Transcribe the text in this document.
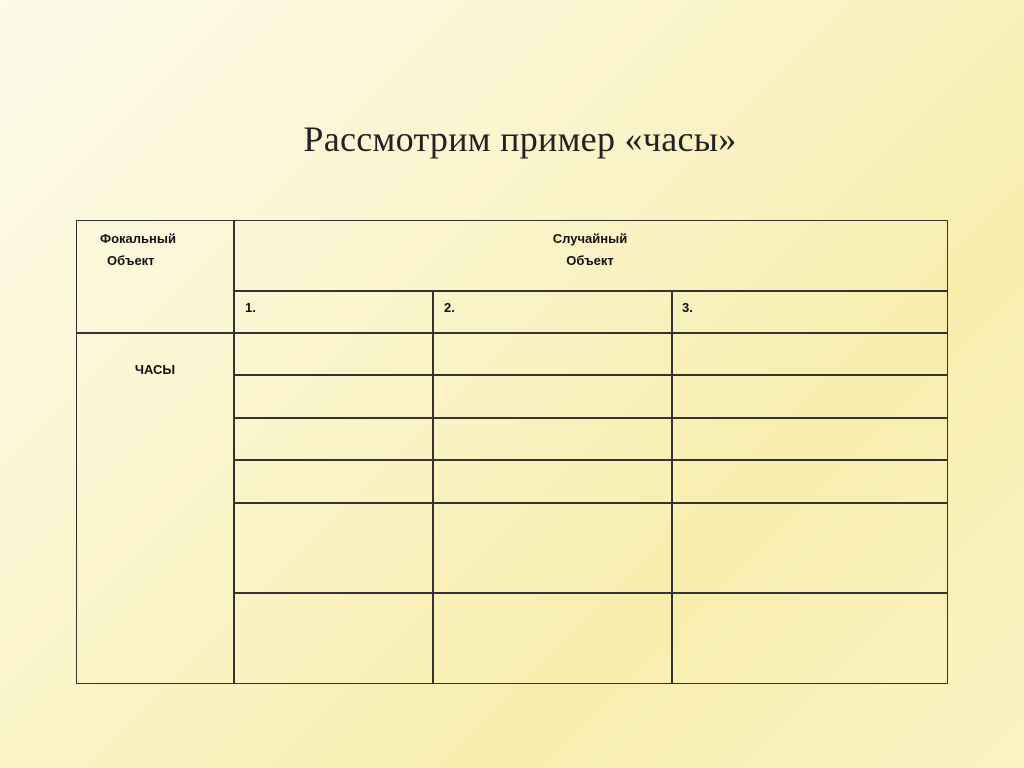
Рассмотрим пример «часы»
Фокальный
Объект
Случайный
Объект
1.	2.	3.
ЧАСЫ
